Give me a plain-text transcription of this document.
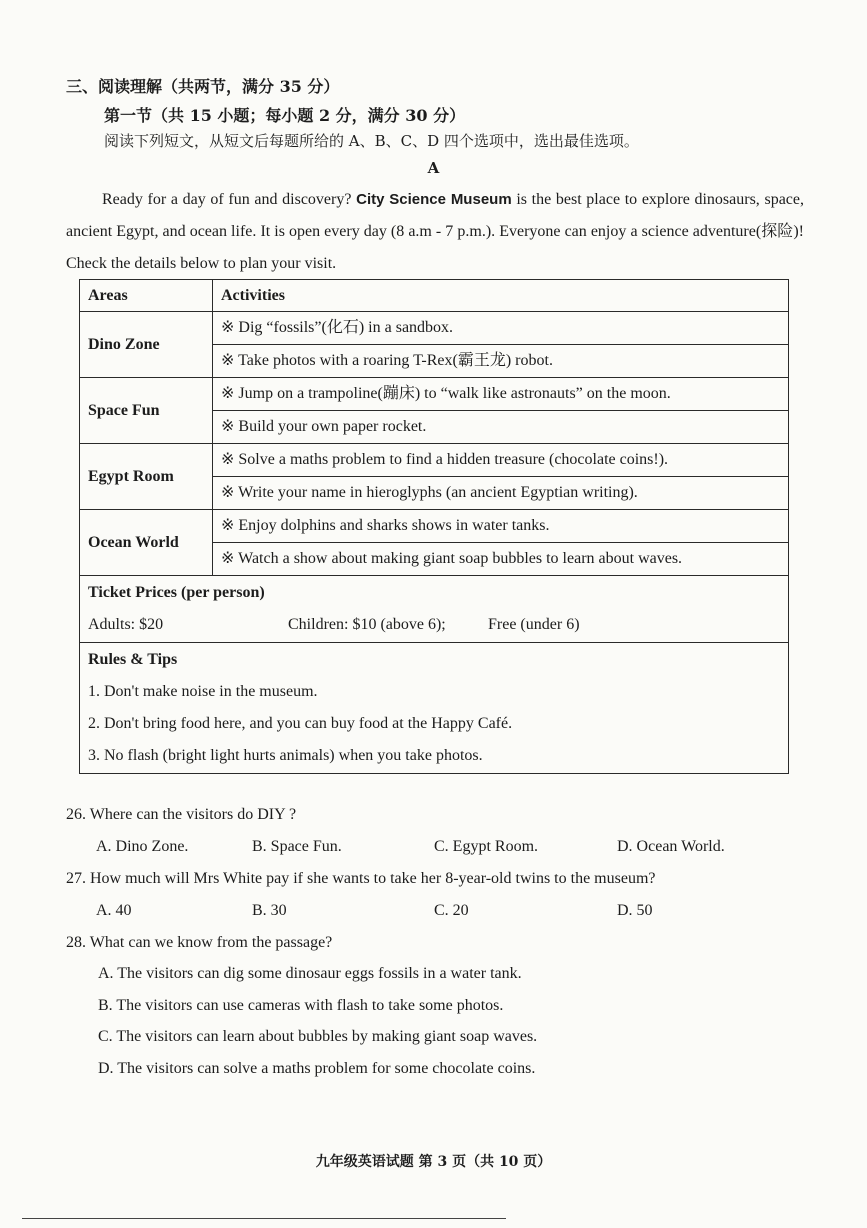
三、阅读理解（共两节，满分 35 分）
第一节（共 15 小题；每小题 2 分，满分 30 分）
阅读下列短文，从短文后每题所给的 A、B、C、D 四个选项中，选出最佳选项。
A
Ready for a day of fun and discovery? City Science Museum is the best place to explore dinosaurs, space, ancient Egypt, and ocean life. It is open every day (8 a.m - 7 p.m.). Everyone can enjoy a science adventure(探险)! Check the details below to plan your visit.
Areas	Activities
Dino Zone	※ Dig “fossils”(化石) in a sandbox.
	※ Take photos with a roaring T-Rex(霸王龙) robot.
Space Fun	※ Jump on a trampoline(蹦床) to “walk like astronauts” on the moon.
	※ Build your own paper rocket.
Egypt Room	※ Solve a maths problem to find a hidden treasure (chocolate coins!).
	※ Write your name in hieroglyphs (an ancient Egyptian writing).
Ocean World	※ Enjoy dolphins and sharks shows in water tanks.
	※ Watch a show about making giant soap bubbles to learn about waves.

Ticket Prices (per person)
Adults: $20 Children: $10 (above 6); Free (under 6)	

Rules & Tips
1. Don't make noise in the museum.
2. Don't bring food here, and you can buy food at the Happy Café.
3. No flash (bright light hurts animals) when you take photos.	
26. Where can the visitors do DIY ?
A. Dino Zone.	B. Space Fun.	C. Egypt Room.	D. Ocean World.
27. How much will Mrs White pay if she wants to take her 8-year-old twins to the museum?
A. 40	B. 30	C. 20	D. 50
28. What can we know from the passage?
A. The visitors can dig some dinosaur eggs fossils in a water tank.
B. The visitors can use cameras with flash to take some photos.
C. The visitors can learn about bubbles by making giant soap waves.
D. The visitors can solve a maths problem for some chocolate coins.
九年级英语试题 第 3 页（共 10 页）
